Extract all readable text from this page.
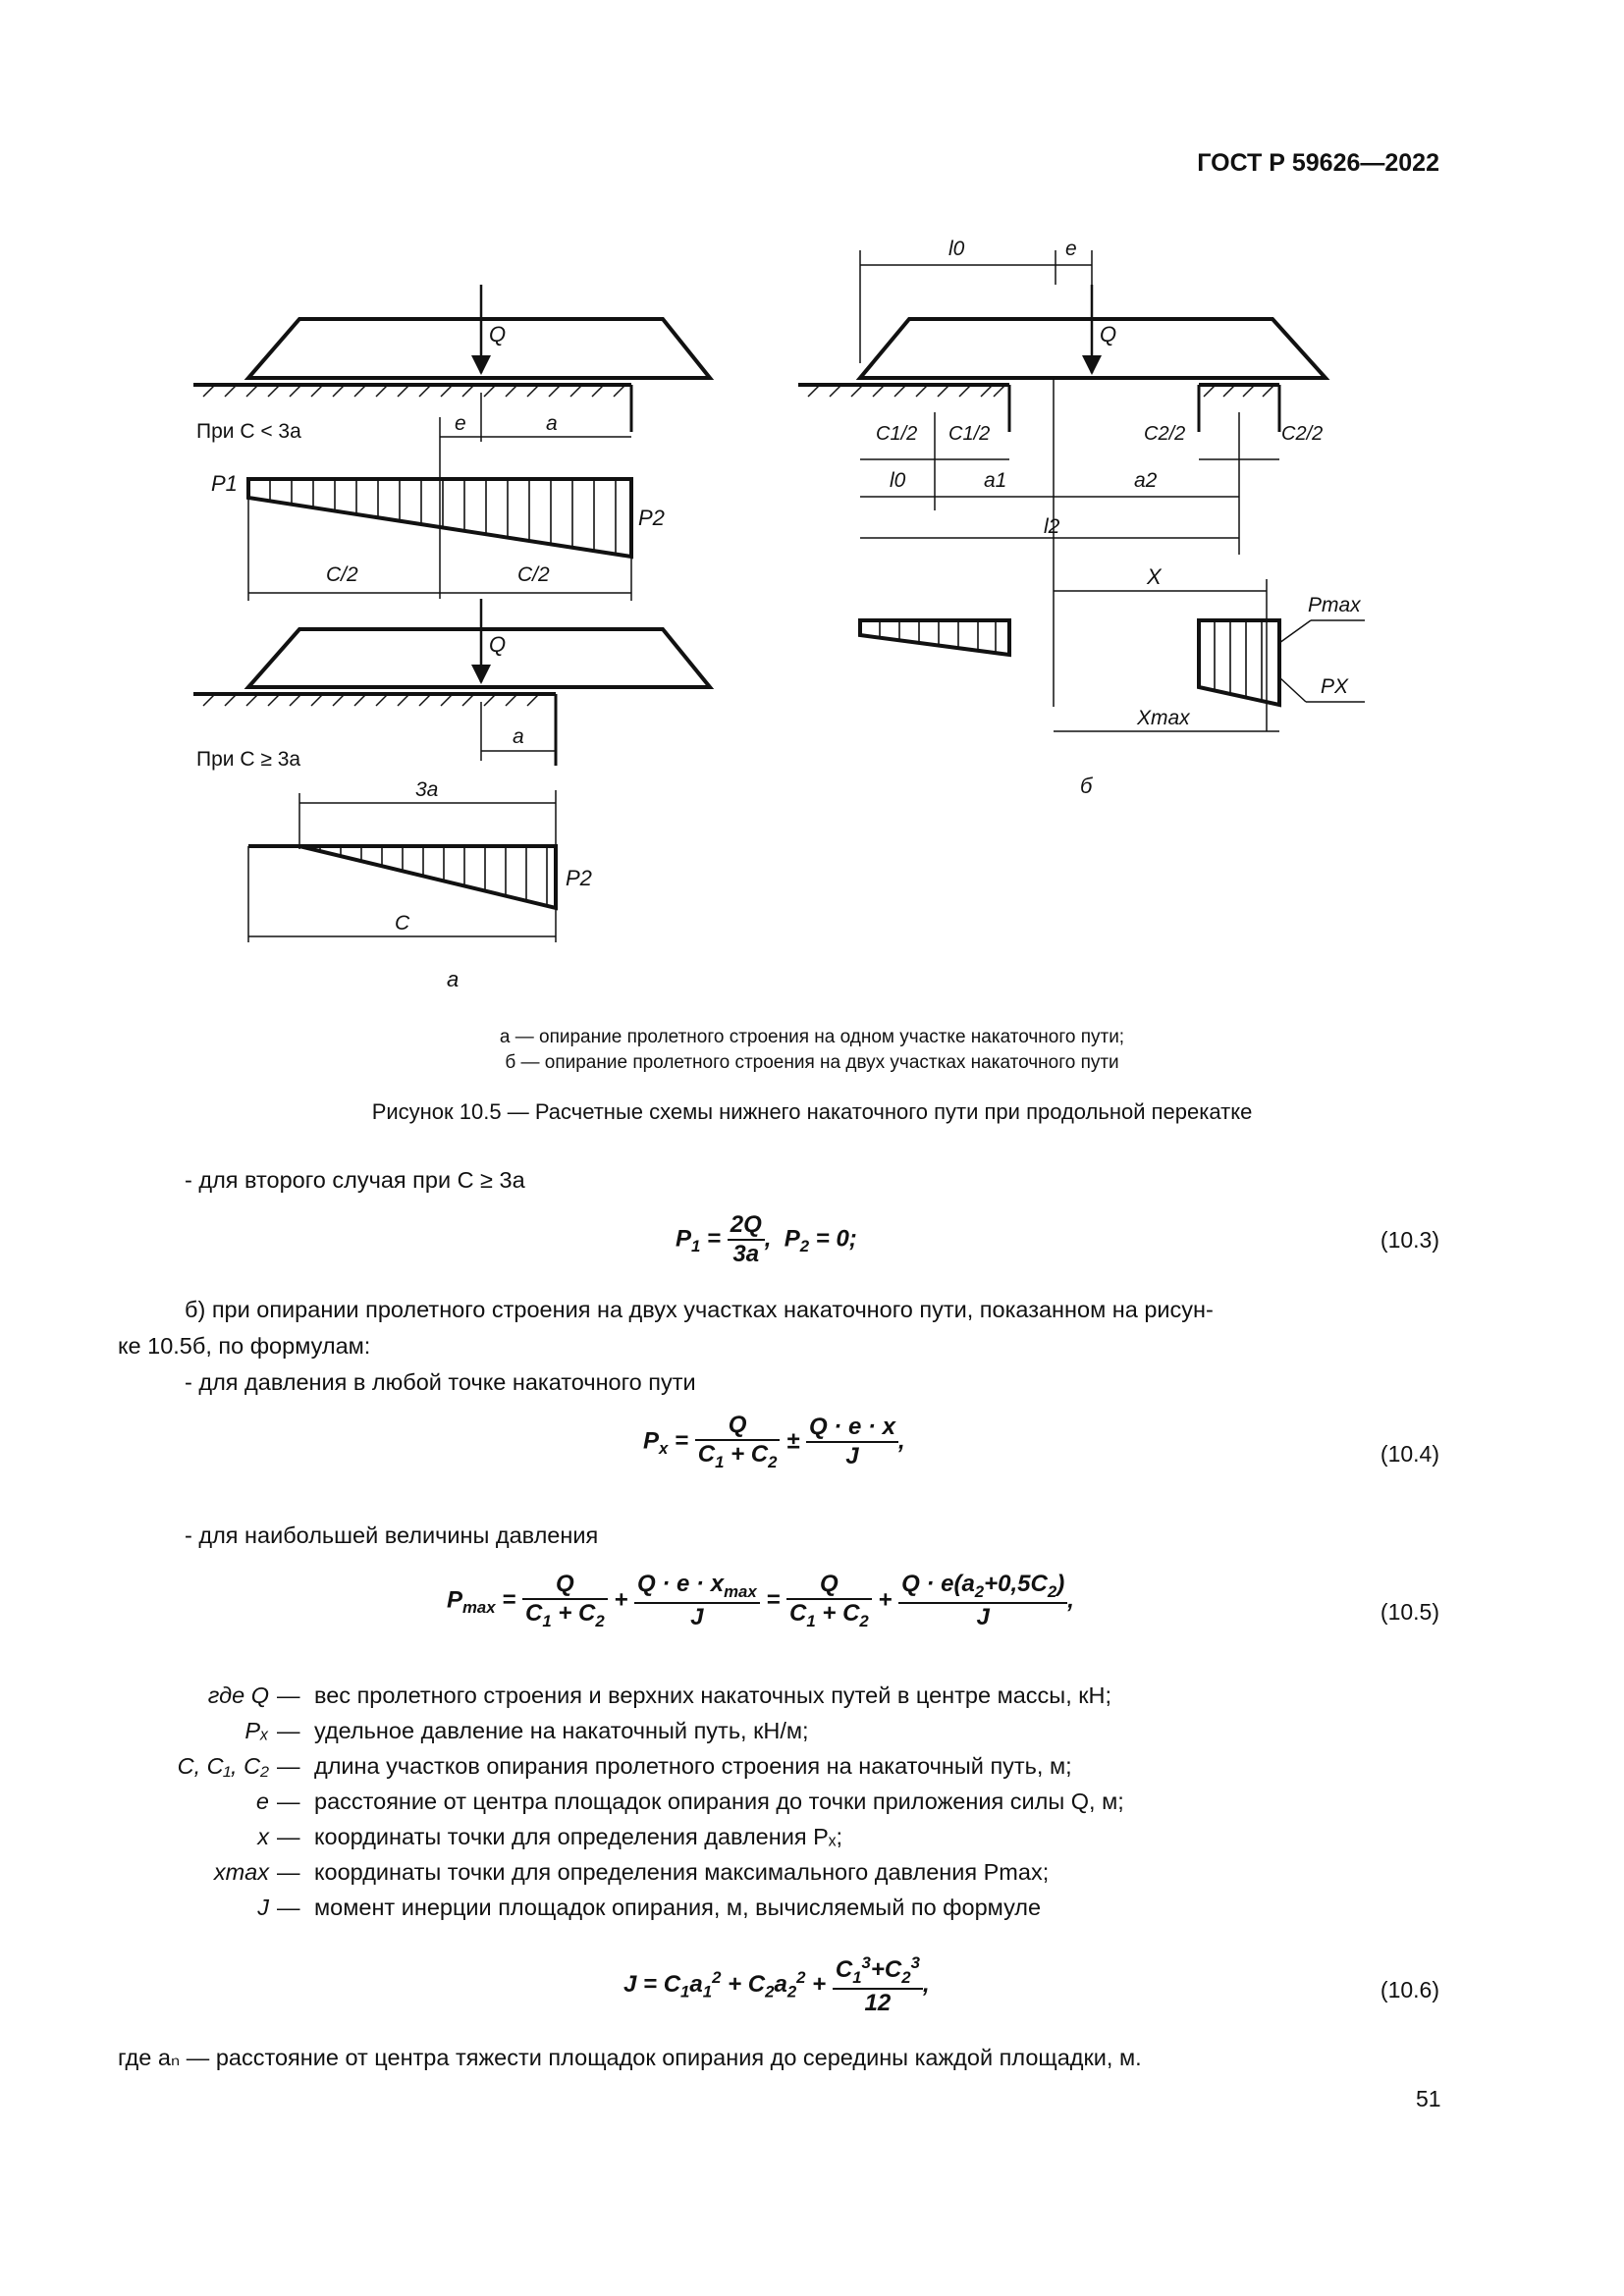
ГОСТ Р 59626—2022
Q
При C < 3a	e	a
P1
P2
C/2	C/2
Q
a
При C ≥ 3a
3a
P2
C
а
l0	e
Q
C1/2 C1/2	C2/2	C2/2
l0	a1	a2
l2
X
Pmax
PX
Xmax
б
а — опирание пролетного строения на одном участке накаточного пути;
б — опирание пролетного строения на двух участках накаточного пути
Рисунок 10.5 — Расчетные схемы нижнего накаточного пути при продольной перекатке
- для второго случая при C ≥ 3a
$P_1 = \frac{2Q}{3a}$ ,  $P_2 = 0$;	(10.3)
б) при опирании пролетного строения на двух участках накаточного пути, показанном на рисун-
ке 10.5б, по формулам:
- для давления в любой точке накаточного пути
$P_x = \frac{Q}{C_1 + C_2} \pm \frac{Q \cdot e \cdot x}{J}$ ,	(10.4)
- для наибольшей величины давления
$P_{max} = \frac{Q}{C_1 + C_2} + \frac{Q \cdot e \cdot x_{max}}{J} = \frac{Q}{C_1 + C_2} + \frac{Q \cdot e(a_2+0,5C_2)}{J}$ ,	(10.5)
где Q — вес пролетного строения и верхних накаточных путей в центре массы, кН;
Pₓ — удельное давление на накаточный путь, кН/м;
C, C₁, C₂ — длина участков опирания пролетного строения на накаточный путь, м;
e — расстояние от центра площадок опирания до точки приложения силы Q, м;
x — координаты точки для определения давления Pₓ;
xmax — координаты точки для определения максимального давления Pmax;
J — момент инерции площадок опирания, м, вычисляемый по формуле
$J = C_1a_1^2 + C_2a_2^2 + \frac{C_1^3+C_2^3}{12}$ ,	(10.6)
где aₙ — расстояние от центра тяжести площадок опирания до середины каждой площадки, м.
51
